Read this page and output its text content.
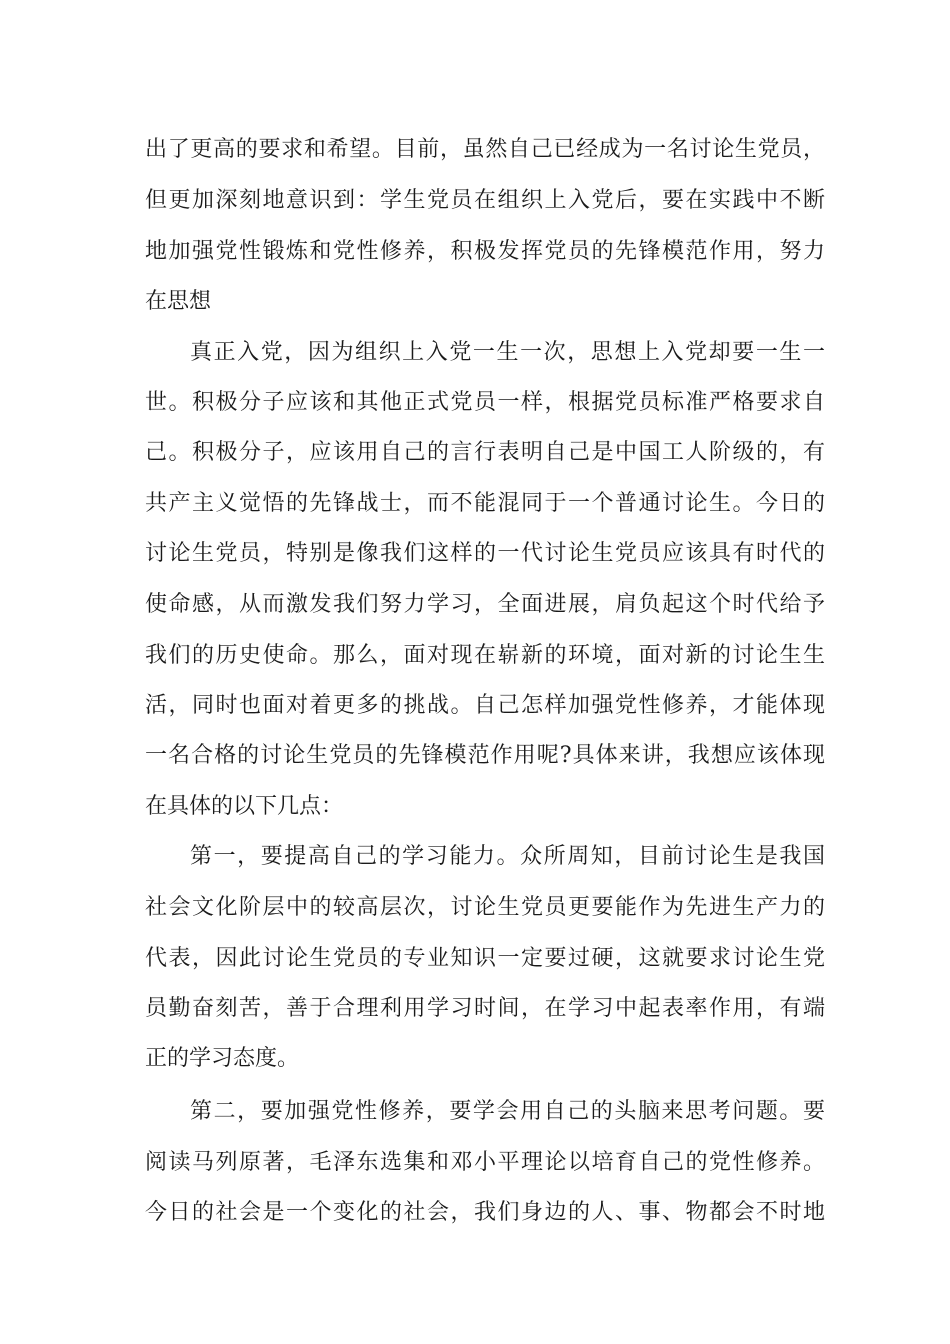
出了更高的要求和希望。目前，虽然自己已经成为一名讨论生党员，
但更加深刻地意识到：学生党员在组织上入党后，要在实践中不断
地加强党性锻炼和党性修养，积极发挥党员的先锋模范作用，努力
在思想
真正入党，因为组织上入党一生一次，思想上入党却要一生一
世。积极分子应该和其他正式党员一样，根据党员标准严格要求自
己。积极分子，应该用自己的言行表明自己是中国工人阶级的，有
共产主义觉悟的先锋战士，而不能混同于一个普通讨论生。今日的
讨论生党员，特别是像我们这样的一代讨论生党员应该具有时代的
使命感，从而激发我们努力学习，全面进展，肩负起这个时代给予
我们的历史使命。那么，面对现在崭新的环境，面对新的讨论生生
活，同时也面对着更多的挑战。自己怎样加强党性修养，才能体现
一名合格的讨论生党员的先锋模范作用呢?具体来讲，我想应该体现
在具体的以下几点：
第一，要提高自己的学习能力。众所周知，目前讨论生是我国
社会文化阶层中的较高层次，讨论生党员更要能作为先进生产力的
代表，因此讨论生党员的专业知识一定要过硬，这就要求讨论生党
员勤奋刻苦，善于合理利用学习时间，在学习中起表率作用，有端
正的学习态度。
第二，要加强党性修养，要学会用自己的头脑来思考问题。要
阅读马列原著，毛泽东选集和邓小平理论以培育自己的党性修养。
今日的社会是一个变化的社会，我们身边的人、事、物都会不时地
